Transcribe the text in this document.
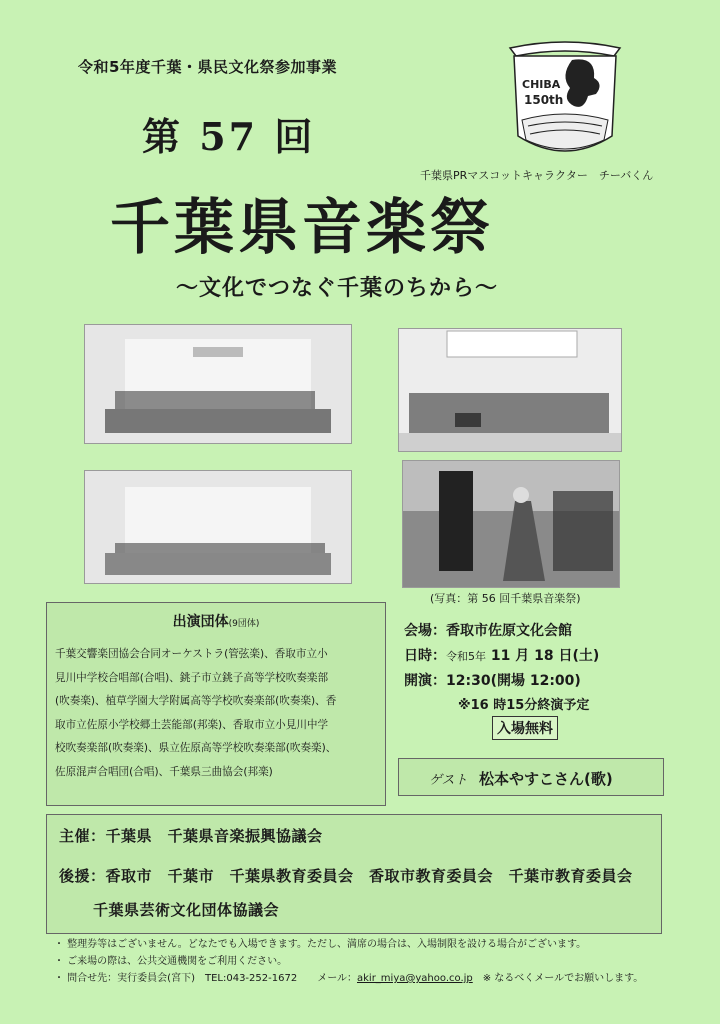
令和5年度千葉・県民文化祭参加事業
第 57 回
千葉県音楽祭
〜文化でつなぐ千葉のちから〜
CHIBA
150th
千葉県PRマスコットキャラクター　チーバくん
(写真：第 56 回千葉県音楽祭)
出演団体(9団体)
千葉交響楽団協会合同オーケストラ(管弦楽)、香取市立小
見川中学校合唱部(合唱)、銚子市立銚子高等学校吹奏楽部
(吹奏楽)、植草学園大学附属高等学校吹奏楽部(吹奏楽)、香
取市立佐原小学校郷土芸能部(邦楽)、香取市立小見川中学
校吹奏楽部(吹奏楽)、県立佐原高等学校吹奏楽部(吹奏楽)、
佐原混声合唱団(合唱)、千葉県三曲協会(邦楽)
会場：香取市佐原文化会館
日時：令和5年 11 月 18 日(土)
開演：12:30(開場 12:00)
※16 時15分終演予定
入場無料
ゲスト 松本やすこさん(歌)
主催：千葉県　千葉県音楽振興協議会
後援：香取市　千葉市　千葉県教育委員会　香取市教育委員会　千葉市教育委員会
千葉県芸術文化団体協議会
・ 整理券等はございません。どなたでも入場できます。ただし、満席の場合は、入場制限を設ける場合がございます。
・ ご来場の際は、公共交通機関をご利用ください。
・ 問合せ先：実行委員会(宮下)　TEL:043-252-1672　　メール：akir_miya@yahoo.co.jp　※ なるべくメールでお願いします。
